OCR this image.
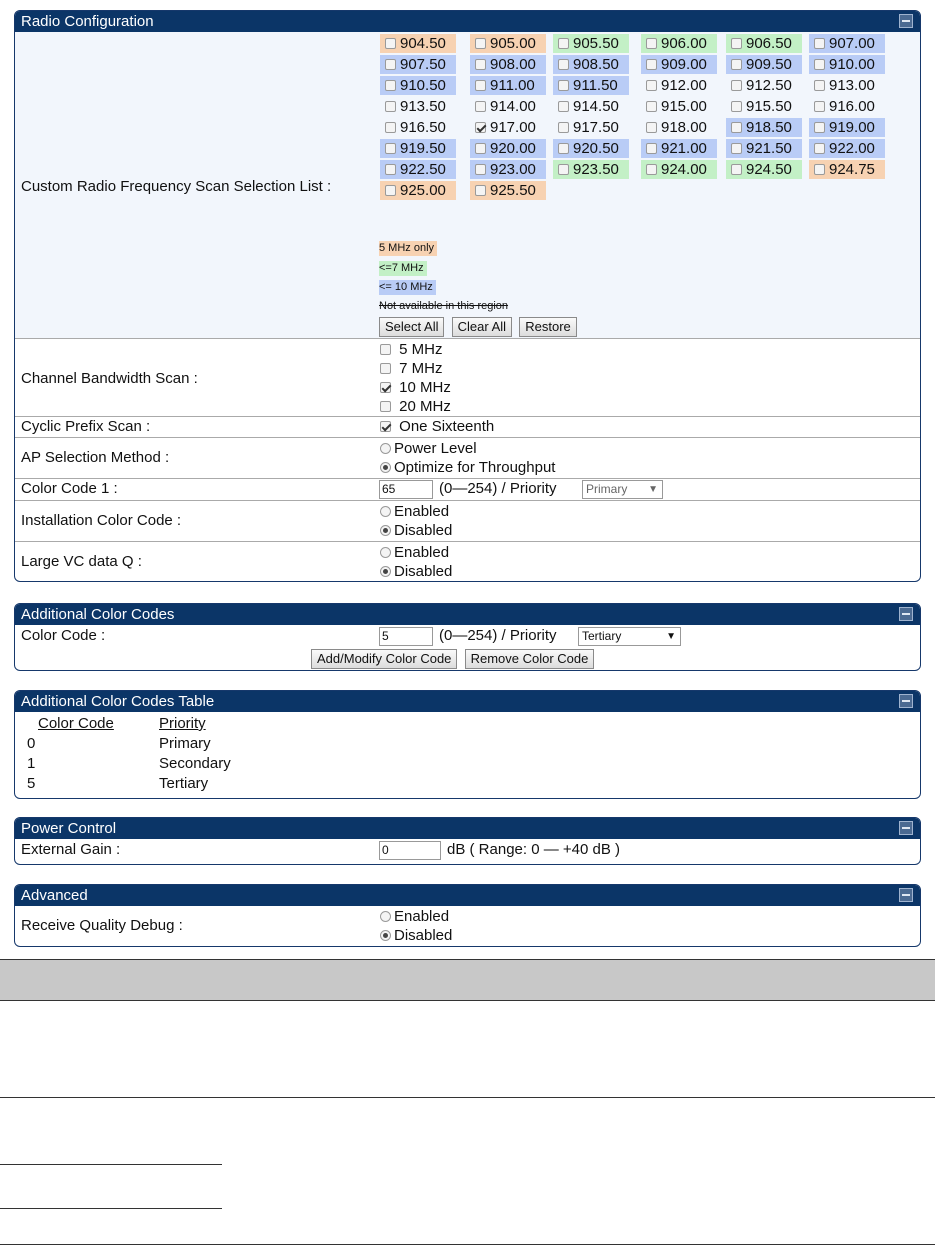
Radio Configuration
Custom Radio Frequency Scan Selection List :
904.50	905.00	905.50	906.00	906.50	907.00
907.50	908.00	908.50	909.00	909.50	910.00
910.50	911.00	911.50	912.00	912.50	913.00
913.50	914.00	914.50	915.00	915.50	916.00
916.50	917.00	917.50	918.00	918.50	919.00
919.50	920.00	920.50	921.00	921.50	922.00
922.50	923.00	923.50	924.00	924.50	924.75
925.00	925.50
5 MHz only
<=7 MHz
<= 10 MHz
Not available in this region
Select All Clear All Restore
Channel Bandwidth Scan :
5 MHz
7 MHz
10 MHz
20 MHz
Cyclic Prefix Scan :	One Sixteenth
AP Selection Method :
Power Level
Optimize for Throughput
Color Code 1 :	65	(0—254) / Priority	Primary ▼
Installation Color Code :
Enabled
Disabled
Large VC data Q :
Enabled
Disabled
Additional Color Codes
Color Code :	5	(0—254) / Priority	Tertiary	▼
Add/Modify Color Code Remove Color Code
Additional Color Codes Table
Color Code	Priority
0	Primary
1	Secondary
5	Tertiary
Power Control
External Gain :	0	dB ( Range: 0 — +40 dB )
Advanced
Receive Quality Debug :
Enabled
Disabled
